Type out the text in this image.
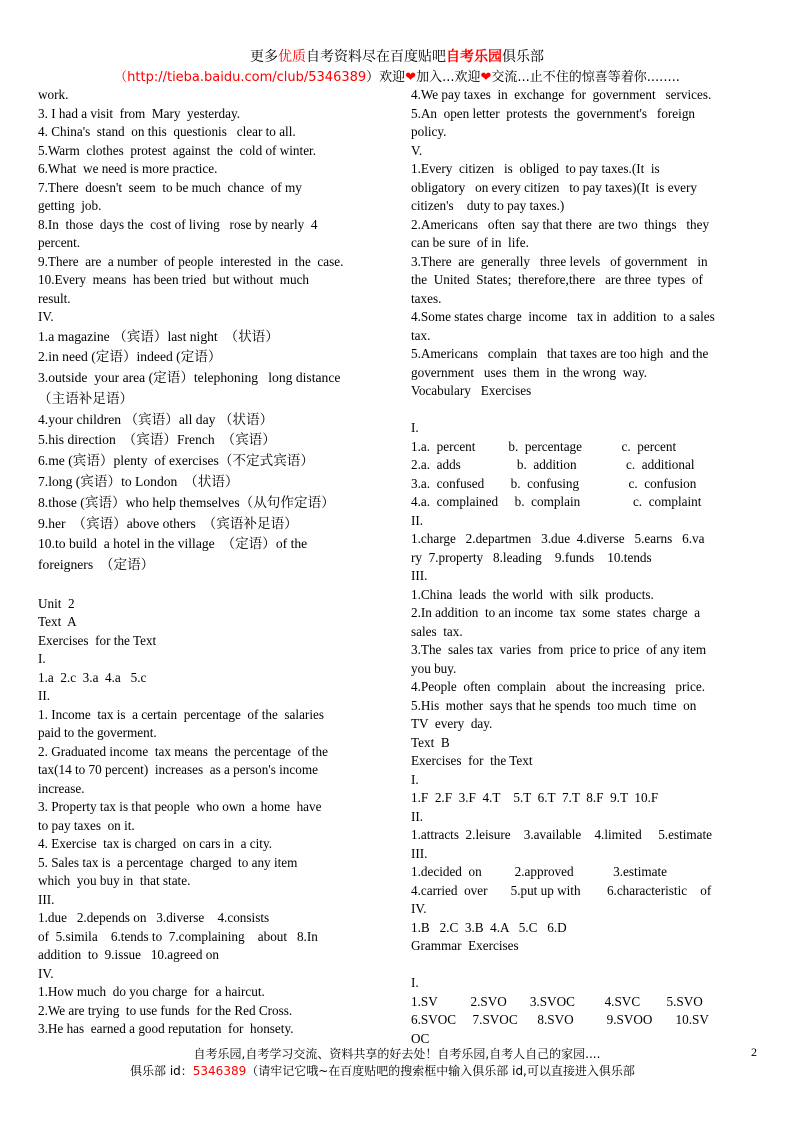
更多优质自考资料尽在百度贴吧自考乐园俱乐部
（http://tieba.baidu.com/club/5346389）欢迎❤加入...欢迎❤交流...止不住的惊喜等着你........
work.
3. I had a visit  from  Mary  yesterday.
4. China's  stand  on this  questionis   clear to all.
5.Warm  clothes  protest  against  the  cold of winter.
6.What  we need is more practice.
7.There  doesn't  seem  to be much  chance  of my
getting  job.
8.In  those  days the  cost of living   rose by nearly  4
percent.
9.There  are  a number  of people  interested  in  the  case.
10.Every  means  has been tried  but without  much
result.
IV.
1.a magazine （宾语）last night  （状语）
2.in need (定语）indeed (定语）
3.outside  your area (定语）telephoning   long distance
（主语补足语）
4.your children （宾语）all day （状语）
5.his direction  （宾语）French  （宾语）
6.me (宾语）plenty  of exercises（不定式宾语）
7.long (宾语）to London  （状语）
8.those (宾语）who help themselves（从句作定语）
9.her  （宾语）above others  （宾语补足语）
10.to build  a hotel in the village  （定语）of the
foreigners  （定语）
Unit  2
Text  A
Exercises  for the Text
I.
1.a  2.c  3.a  4.a   5.c
II.
1. Income  tax is  a certain  percentage  of the  salaries
paid to the goverment.
2. Graduated income  tax means  the percentage  of the
tax(14 to 70 percent)  increases  as a person's income
increase.
3. Property tax is that people  who own  a home  have
to pay taxes  on it.
4. Exercise  tax is charged  on cars in  a city.
5. Sales tax is  a percentage  charged  to any item
which  you buy in  that state.
III.
1.due   2.depends on   3.diverse    4.consists
of  5.simila    6.tends to  7.complaining    about   8.In
addition  to  9.issue   10.agreed on
IV.
1.How much  do you charge  for  a haircut.
2.We are trying  to use funds  for the Red Cross.
3.He has  earned a good reputation  for  honsety.
4.We pay taxes  in  exchange  for  government   services.
5.An  open letter  protests  the  government's   foreign
policy.
V.
1.Every  citizen   is  obliged  to pay taxes.(It  is
obligatory   on every citizen   to pay taxes)(It  is every
citizen's    duty to pay taxes.)
2.Americans   often  say that there  are two  things   they
can be sure  of in  life.
3.There  are  generally   three levels   of government   in
the  United  States;  therefore,there   are three  types  of
taxes.
4.Some states charge  income   tax in  addition  to  a sales
tax.
5.Americans   complain   that taxes are too high  and the
government   uses  them  in  the wrong  way.
Vocabulary   Exercises
I.
1.a.  percent          b.  percentage            c.  percent
2.a.  adds                 b.  addition               c.  additional
3.a.  confused        b.  confusing               c.  confusion
4.a.  complained     b.  complain                c.  complaint
II.
1.charge   2.departmen   3.due  4.diverse   5.earns   6.va
ry  7.property   8.leading    9.funds    10.tends
III.
1.China  leads  the world  with  silk  products.
2.In addition  to an income  tax  some  states  charge  a
sales  tax.
3.The  sales tax  varies  from  price to price  of any item
you buy.
4.People  often  complain   about  the increasing   price.
5.His  mother  says that he spends  too much  time  on
TV  every  day.
Text  B
Exercises  for  the Text
I.
1.F  2.F  3.F  4.T    5.T  6.T  7.T  8.F  9.T  10.F
II.
1.attracts  2.leisure    3.available    4.limited     5.estimate
III.
1.decided  on          2.approved            3.estimate
4.carried  over       5.put up with        6.characteristic    of
IV.
1.B   2.C  3.B  4.A   5.C   6.D
Grammar  Exercises
I.
1.SV          2.SVO       3.SVOC         4.SVC        5.SVO
6.SVOC     7.SVOC      8.SVO          9.SVOO       10.SV
OC
自考乐园,自考学习交流、资料共享的好去处！自考乐园,自考人自己的家园....
俱乐部 id：5346389（请牢记它哦~在百度贴吧的搜索框中输入俱乐部 id,可以直接进入俱乐部
2
